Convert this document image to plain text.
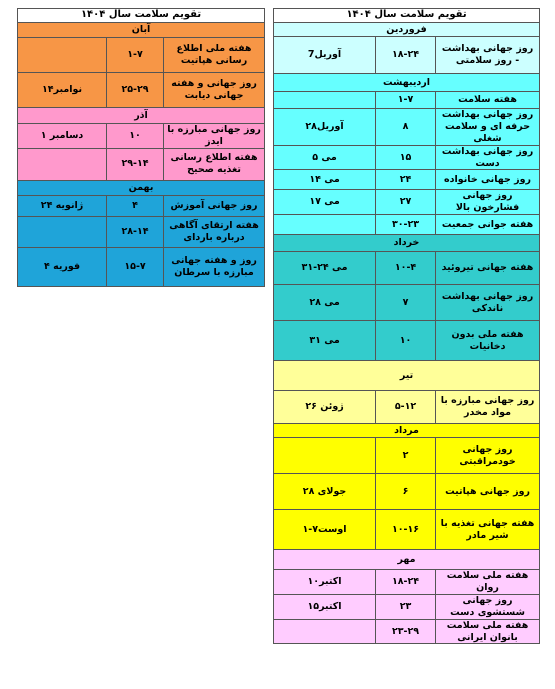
تقویم سلامت سال ۱۴۰۴		
فروردین		
روز جهانی بهداشت - روز سلامتی	۱۸-۲۴	7آوریل
اردیبهشت		
هفته سلامت	۱-۷	
روز جهانی بهداشت حرفه ای و سلامت شغلی	۸	۲۸آوریل
روز جهانی بهداشت دست	۱۵	۵ می
روز جهانی خانواده	۲۴	۱۴ می
روز جهانی فشارخون بالا	۲۷	۱۷ می
هفته جوانی جمعیت	۳۰-۲۳	
خرداد		
هفته جهانی تیروئید	۱۰-۴	۳۱-۲۴ می
روز جهانی بهداشت ناندکی	۷	۲۸ می
هفته ملی بدون دخانیات	۱۰	۳۱ می
تیر		
روز جهانی مبارزه با مواد مخدر	۵-۱۲	۲۶ ژوئن
مرداد		
روز جهانی خودمراقبتی	۲	
روز جهانی هپاتیت	۶	۲۸ جولای
هفته جهانی تغذیه با شیر مادر	۱۰-۱۶	۱-۷اوست
مهر		
هفته ملی سلامت روان	۱۸-۲۴	۱۰اکتبر
روز جهانی شستشوی دست	۲۳	۱۵اکتبر
هفته ملی سلامت بانوان ایرانی	۲۳-۲۹	
تقویم سلامت سال ۱۴۰۴		
آبان		
هفته ملی اطلاع رسانی هپاتیت	۱-۷	
روز جهانی و هفته جهانی دیابت	۲۵-۲۹	۱۴نوامبر
آذر		
روز جهانی مبارزه با ایدز	۱۰	۱ دسامبر
هفته اطلاع رسانی تغذیه صحیح	۲۹-۱۴	
بهمن		
روز جهانی آموزش	۴	۲۴ ژانویه
هفته ارتقای آگاهی درباره باردای	۲۸-۱۴	
روز و هفته جهانی مبارزه با سرطان	۱۵-۷	۴ فوریه
